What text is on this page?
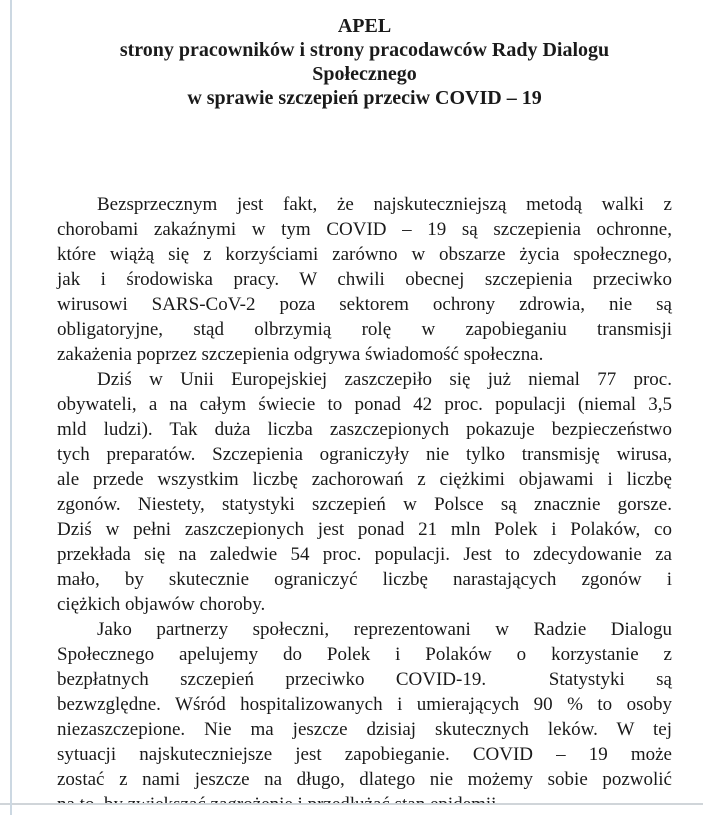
APEL
strony pracowników i strony pracodawców Rady Dialogu
Społecznego
w sprawie szczepień przeciw COVID – 19
Bezsprzecznym jest fakt, że najskuteczniejszą metodą walki z
chorobami zakaźnymi w tym COVID – 19 są szczepienia ochronne,
które wiążą się z korzyściami zarówno w obszarze życia społecznego,
jak i środowiska pracy. W chwili obecnej szczepienia przeciwko
wirusowi SARS-CoV-2 poza sektorem ochrony zdrowia, nie są
obligatoryjne, stąd olbrzymią rolę w zapobieganiu transmisji
zakażenia poprzez szczepienia odgrywa świadomość społeczna.
Dziś w Unii Europejskiej zaszczepiło się już niemal 77 proc.
obywateli, a na całym świecie to ponad 42 proc. populacji (niemal 3,5
mld ludzi). Tak duża liczba zaszczepionych pokazuje bezpieczeństwo
tych preparatów. Szczepienia ograniczyły nie tylko transmisję wirusa,
ale przede wszystkim liczbę zachorowań z ciężkimi objawami i liczbę
zgonów. Niestety, statystyki szczepień w Polsce są znacznie gorsze.
Dziś w pełni zaszczepionych jest ponad 21 mln Polek i Polaków, co
przekłada się na zaledwie 54 proc. populacji. Jest to zdecydowanie za
mało, by skutecznie ograniczyć liczbę narastających zgonów i
ciężkich objawów choroby.
Jako partnerzy społeczni, reprezentowani w Radzie Dialogu
Społecznego apelujemy do Polek i Polaków o korzystanie z
bezpłatnych szczepień przeciwko COVID-19.  Statystyki są
bezwzględne. Wśród hospitalizowanych i umierających 90 % to osoby
niezaszczepione. Nie ma jeszcze dzisiaj skutecznych leków. W tej
sytuacji najskuteczniejsze jest zapobieganie. COVID – 19 może
zostać z nami jeszcze na długo, dlatego nie możemy sobie pozwolić
